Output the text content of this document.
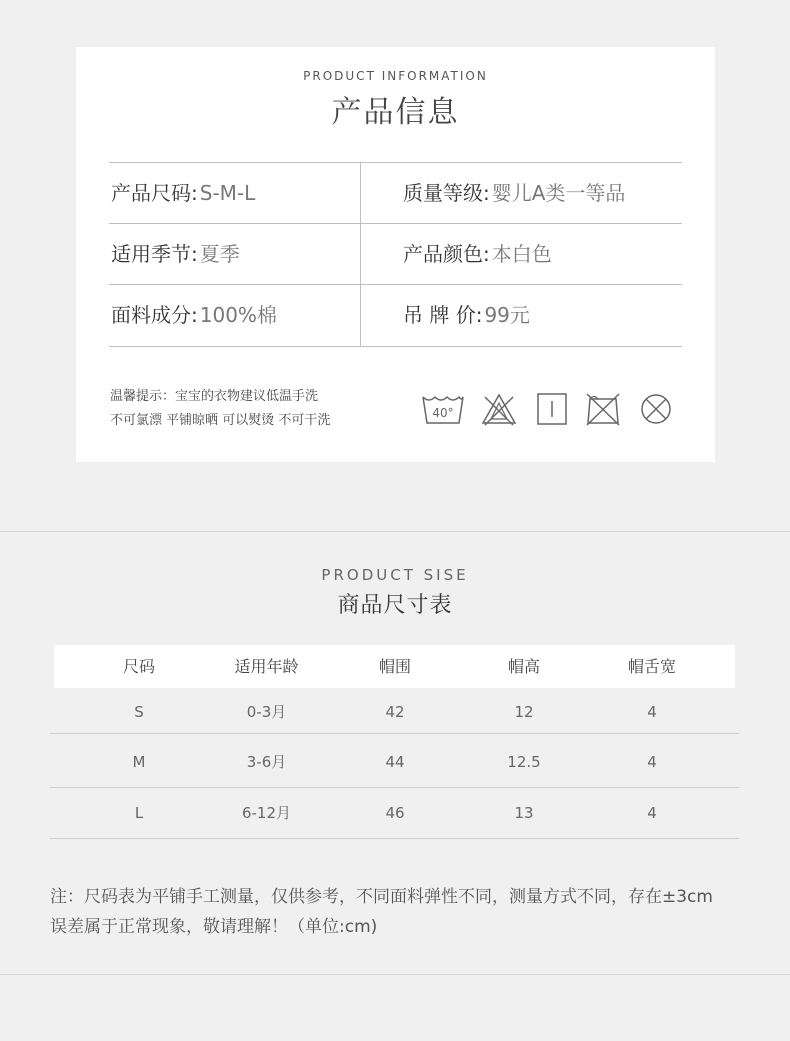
PRODUCT INFORMATION
产品信息
产品尺码: S-M-L	质量等级: 婴儿A类一等品
适用季节: 夏季	产品颜色: 本白色
面料成分: 100%棉	吊 牌 价: 99元
温馨提示：宝宝的衣物建议低温手洗
不可氯漂 平铺晾晒 可以熨烫 不可干洗	40°
PRODUCT SISE
商品尺寸表
尺码	适用年龄	帽围	帽高	帽舌宽
S	0-3月	42	12	4
M	3-6月	44	12.5	4
L	6-12月	46	13	4
注：尺码表为平铺手工测量，仅供参考，不同面料弹性不同，测量方式不同，存在±3cm
误差属于正常现象，敬请理解！（单位:cm)
